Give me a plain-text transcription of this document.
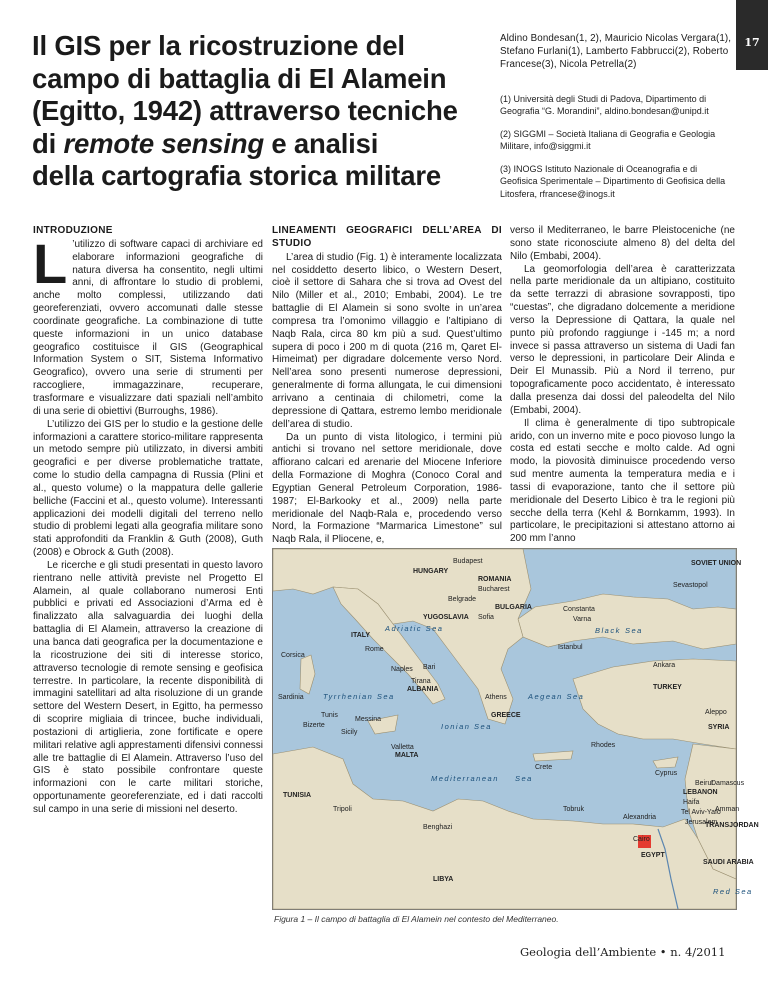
17
Il GIS per la ricostruzione del
campo di battaglia di El Alamein
(Egitto, 1942) attraverso tecniche
di remote sensing e analisi
della cartografia storica militare
Aldino Bondesan(1, 2), Mauricio Nicolas Vergara(1), Stefano Furlani(1), Lamberto Fabbrucci(2), Roberto Francese(3), Nicola Petrella(2)
(1) Università degli Studi di Padova, Dipartimento di Geografia “G. Morandini”, aldino.bondesan@unipd.it
(2) SIGGMI – Società Italiana di Geografia e Geologia Militare, info@siggmi.it
(3) INOGS Istituto Nazionale di Oceanografia e di Geofisica Sperimentale – Dipartimento di Geofisica della Litosfera, rfrancese@inogs.it
INTRODUZIONE

L ’utilizzo di software capaci di archiviare ed elaborare informazioni geografiche di natura diversa ha consentito, negli ultimi anni, di affrontare lo studio di problemi, anche molto complessi, utilizzando dati georeferenziati, ovvero accomunati dalle stesse coordinate geografiche. La combinazione di tutte queste informazioni in un unico database geografico costituisce il GIS (Geographical Information System o SIT, Sistema Informativo Geografico), ovvero una serie di strumenti per raccogliere, immagazzinare, recuperare, trasformare e visualizzare dati spaziali nell’ambito di una serie di obiettivi (Burroughs, 1986).

L’utilizzo dei GIS per lo studio e la gestione delle informazioni a carattere storico-militare rappresenta un metodo sempre più utilizzato, in diversi ambiti geografici e per diverse problematiche trattate, come lo studio della campagna di Russia (Plini et al., questo volume) o la mappatura delle gallerie belliche (Faccini et al., questo volume). Interessanti applicazioni dei modelli digitali del terreno nello studio di problemi legati alla geografia militare sono stati approfonditi da Franklin & Guth (2008), Guth (2008) e Obrock & Guth (2008).

Le ricerche e gli studi presentati in questo lavoro rientrano nelle attività previste nel Progetto El Alamein, al quale collaborano numerosi Enti pubblici e privati ed Associazioni d’Arma ed è finalizzato alla salvaguardia dei luoghi della battaglia di El Alamein, attraverso la creazione di una banca dati geografica per la documentazione e la ricostruzione dei siti di interesse storico, attraverso tecnologie di remote sensing e geofisica terrestre. In particolare, la recente disponibilità di immagini satellitari ad alta risoluzione di un grande settore del Western Desert, in Egitto, ha permesso di scoprire migliaia di trincee, buche individuali, postazioni di artiglieria, zone fortificate e opere militari relative agli apprestamenti difensivi connessi alle tre battaglie di El Alamein. Attraverso l’uso del GIS è stato possibile confrontare queste informazioni con le carte militari storiche, opportunamente georeferenziate, ed i dati raccolti sul campo in una serie di missioni nel deserto.

LINEAMENTI GEOGRAFICI DELL’AREA DI STUDIO

L’area di studio (Fig. 1) è interamente localizzata nel cosiddetto deserto libico, o Western Desert, cioè il settore di Sahara che si trova ad Ovest del Nilo (Miller et al., 2010; Embabi, 2004). Le tre battaglie di El Alamein si sono svolte in un’area compresa tra l’omonimo villaggio e l’altipiano di Naqb Rala, circa 80 km più a sud. Quest’ultimo supera di poco i 200 m di quota (216 m, Qaret El-Himeimat) per digradare dolcemente verso Nord. Nell’area sono presenti numerose depressioni, generalmente di forma allungata, le cui dimensioni arrivano a centinaia di chilometri, come la depressione di Qattara, estremo lembo meridionale dell’area di studio.

Da un punto di vista litologico, i termini più antichi si trovano nel settore meridionale, dove affiorano calcari ed arenarie del Miocene Inferiore della Formazione di Moghra (Conoco Coral and Egyptian General Petroleum Corporation, 1986-1987; El-Barkooky et al., 2009) nella parte meridionale del Naqb-Rala e, procedendo verso Nord, la Formazione “Marmarica Limestone” sul Naqb Rala, il Pliocene, e,

verso il Mediterraneo, le barre Pleistoceniche (ne sono state riconosciute almeno 8) del delta del Nilo (Embabi, 2004).

La geomorfologia dell’area è caratterizzata nella parte meridionale da un altipiano, costituito da sette terrazzi di abrasione sovrapposti, tipo “cuestas”, che digradano dolcemente a meridione verso la Depressione di Qattara, la quale nel punto più profondo raggiunge i -145 m; a nord invece si passa attraverso un sistema di Uadi fan verso le depressioni, in particolare Deir Alinda e Deir El Munassib. Più a Nord il terreno, pur topograficamente poco accidentato, è interessato dalla presenza dai dossi del paleodelta del Nilo (Embabi, 2004).

Il clima è generalmente di tipo subtropicale arido, con un inverno mite e poco piovoso lungo la costa ed estati secche e molto calde. Ad ogni modo, la piovosità diminuisce procedendo verso sud mentre aumenta la temperatura media e i tassi di evaporazione, tanto che il settore più meridionale del Deserto Libico è tra le regioni più secche della terra (Kehl & Bornkamm, 1993). In particolare, le precipitazioni si attestano attorno ai 200 mm l’anno

Budapest
HUNGARY
ROMANIA
Bucharest
SOVIET UNION
Sevastopol
YUGOSLAVIA
BULGARIA
Sofia
Belgrade
Constanta
Varna
Black Sea
Istanbul
ITALY
Adriatic Sea
Rome
Naples Bari
Tirana
ALBANIA
Corsica
Sardinia	Tyrrhenian Sea
GREECE
Athens	Aegean Sea
TURKEY
Ankara
Sicily
Messina
Ionian Sea
Bizerte
Tunis
Valletta
MALTA
Crete
Rhodes
Cyprus
SYRIA
Aleppo
Beirut
LEBANON
Damascus
Haifa
Tel Aviv-Yafo
Jerusalem
Amman
TRANSJORDAN
TUNISIA
Tripoli
Mediterranean Sea
Benghazi
Tobruk
Alexandria
Cairo
EGYPT
LIBYA
SAUDI ARABIA
Red Sea
Figura 1 – Il campo di battaglia di El Alamein nel contesto del Mediterraneo.
Geologia dell’Ambiente • n. 4/2011
